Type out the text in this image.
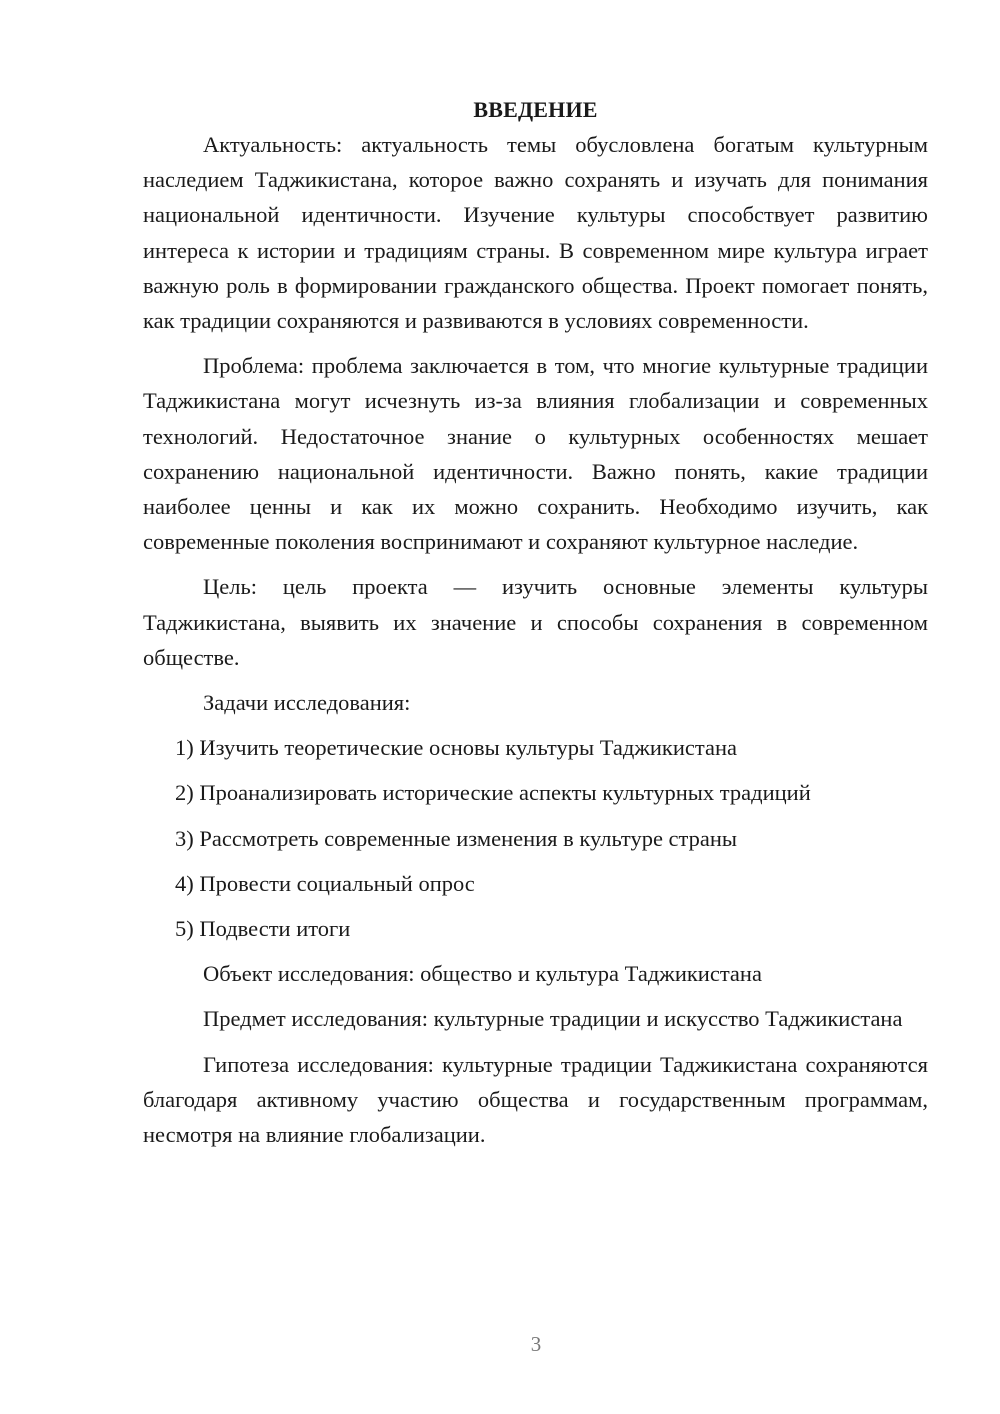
ВВЕДЕНИЕ

Актуальность: актуальность темы обусловлена богатым культурным наследием Таджикистана, которое важно сохранять и изучать для понимания национальной идентичности. Изучение культуры способствует развитию интереса к истории и традициям страны. В современном мире культура играет важную роль в формировании гражданского общества. Проект помогает понять, как традиции сохраняются и развиваются в условиях современности.

Проблема: проблема заключается в том, что многие культурные традиции Таджикистана могут исчезнуть из-за влияния глобализации и современных технологий. Недостаточное знание о культурных особенностях мешает сохранению национальной идентичности. Важно понять, какие традиции наиболее ценны и как их можно сохранить. Необходимо изучить, как современные поколения воспринимают и сохраняют культурное наследие.

Цель: цель проекта — изучить основные элементы культуры Таджикистана, выявить их значение и способы сохранения в современном обществе.

Задачи исследования:

1) Изучить теоретические основы культуры Таджикистана
2) Проанализировать исторические аспекты культурных традиций
3) Рассмотреть современные изменения в культуре страны
4) Провести социальный опрос
5) Подвести итоги

Объект исследования: общество и культура Таджикистана

Предмет исследования: культурные традиции и искусство Таджикистана

Гипотеза исследования: культурные традиции Таджикистана сохраняются благодаря активному участию общества и государственным программам, несмотря на влияние глобализации.

3
